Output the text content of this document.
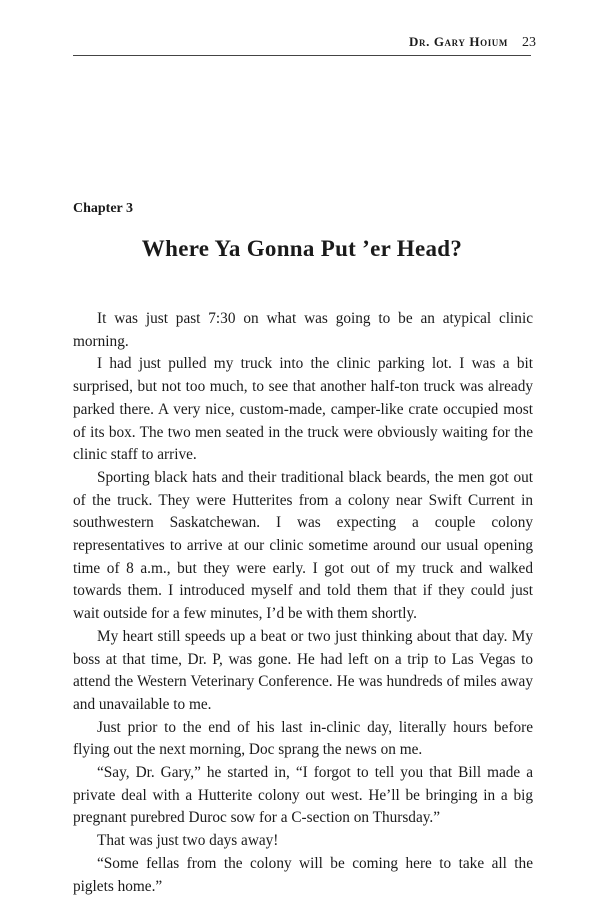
Dr. Gary Hoium 23
Chapter 3
Where Ya Gonna Put ’er Head?

It was just past 7:30 on what was going to be an atypical clinic morning.

I had just pulled my truck into the clinic parking lot. I was a bit surprised, but not too much, to see that another half-ton truck was already parked there. A very nice, custom-made, camper-like crate occupied most of its box. The two men seated in the truck were obviously waiting for the clinic staff to arrive.

Sporting black hats and their traditional black beards, the men got out of the truck. They were Hutterites from a colony near Swift Current in southwestern Saskatchewan. I was expecting a couple colony representatives to arrive at our clinic sometime around our usual opening time of 8 a.m., but they were early. I got out of my truck and walked towards them. I introduced myself and told them that if they could just wait outside for a few minutes, I’d be with them shortly.

My heart still speeds up a beat or two just thinking about that day. My boss at that time, Dr. P, was gone. He had left on a trip to Las Vegas to attend the Western Veterinary Conference. He was hundreds of miles away and unavailable to me.

Just prior to the end of his last in-clinic day, literally hours before flying out the next morning, Doc sprang the news on me.

“Say, Dr. Gary,” he started in, “I forgot to tell you that Bill made a private deal with a Hutterite colony out west. He’ll be bringing in a big pregnant purebred Duroc sow for a C-section on Thursday.”

That was just two days away!

“Some fellas from the colony will be coming here to take all the piglets home.”
